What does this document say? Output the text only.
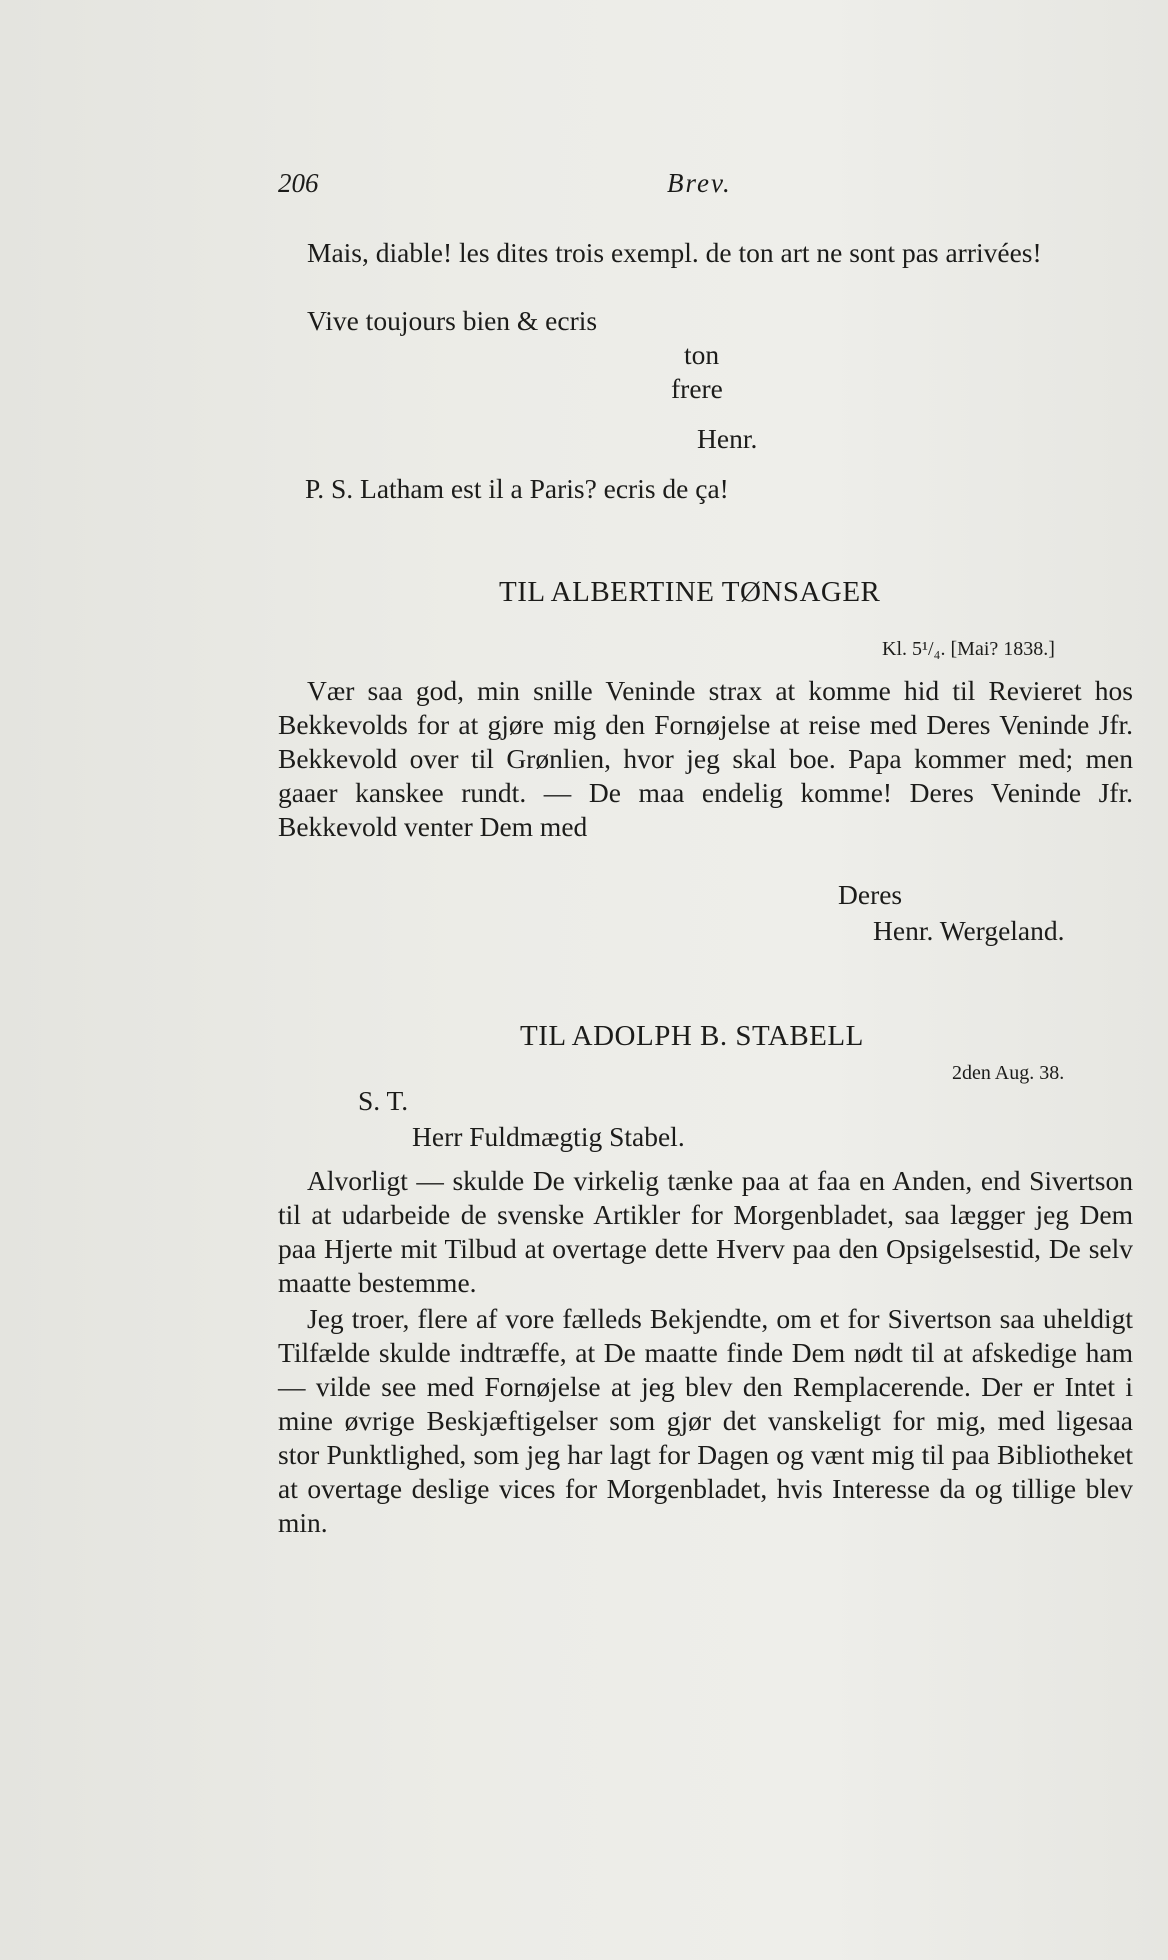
206	Brev.
Mais, diable! les dites trois exempl. de ton art ne sont pas arrivées!
Vive toujours bien & ecris
ton
frere
Henr.
P. S. Latham est il a Paris? ecris de ça!
TIL ALBERTINE TØNSAGER
Kl. 5¹/₄. [Mai? 1838.]
Vær saa god, min snille Veninde strax at komme hid til Revieret hos Bekkevolds for at gjøre mig den Fornøjelse at reise med Deres Veninde Jfr. Bekkevold over til Grønlien, hvor jeg skal boe. Papa kommer med; men gaaer kanskee rundt. — De maa endelig komme! Deres Veninde Jfr. Bekkevold venter Dem med
Deres
Henr. Wergeland.
TIL ADOLPH B. STABELL
2den Aug. 38.
S. T.
Herr Fuldmægtig Stabel.
Alvorligt — skulde De virkelig tænke paa at faa en Anden, end Sivertson til at udarbeide de svenske Artikler for Morgenbladet, saa lægger jeg Dem paa Hjerte mit Tilbud at overtage dette Hverv paa den Opsigelsestid, De selv maatte bestemme.
Jeg troer, flere af vore fælleds Bekjendte, om et for Sivertson saa uheldigt Tilfælde skulde indtræffe, at De maatte finde Dem nødt til at afskedige ham — vilde see med Fornøjelse at jeg blev den Remplacerende. Der er Intet i mine øvrige Beskjæftigelser som gjør det vanskeligt for mig, med ligesaa stor Punktlighed, som jeg har lagt for Dagen og vænt mig til paa Bibliotheket at overtage deslige vices for Morgenbladet, hvis Interesse da og tillige blev min.
